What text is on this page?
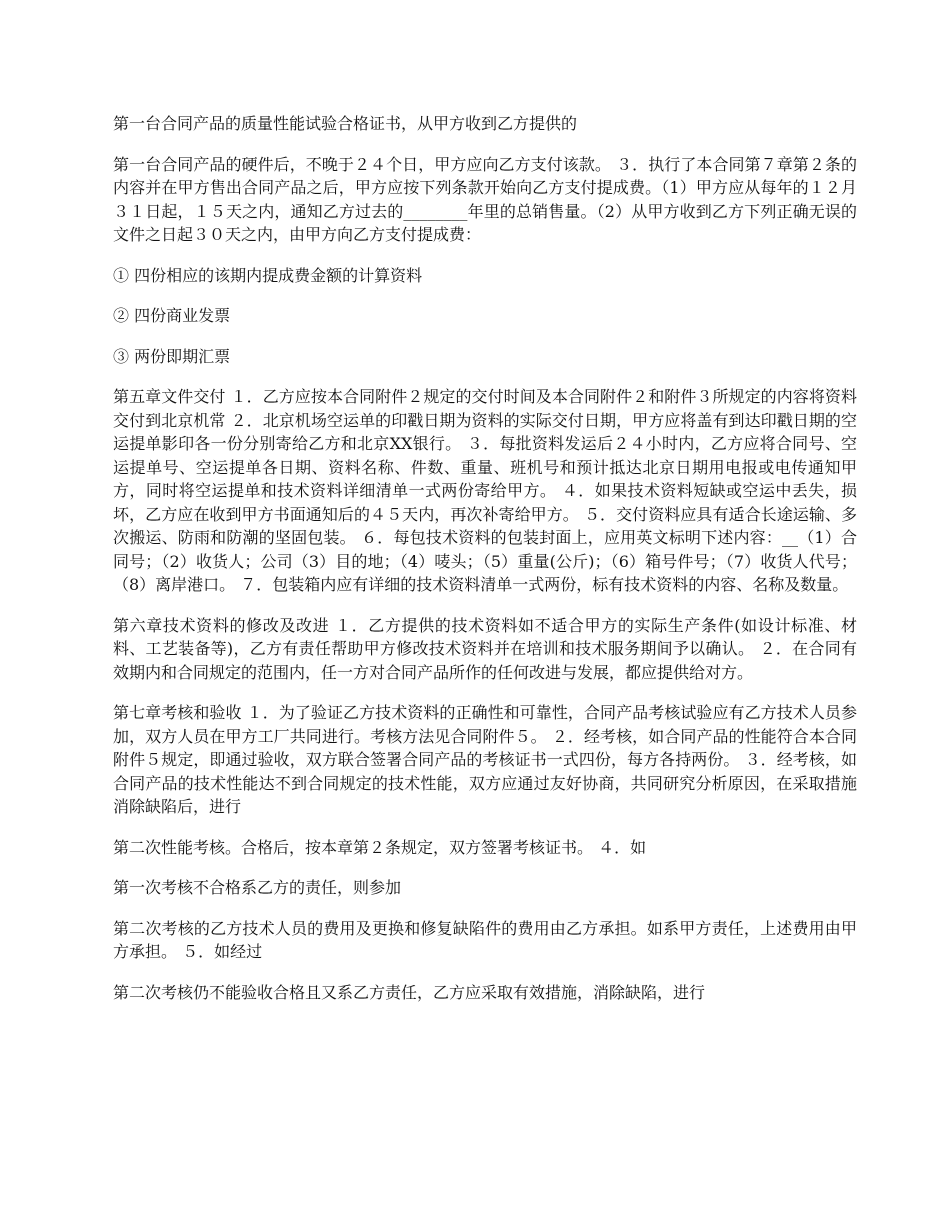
第一台合同产品的质量性能试验合格证书，从甲方收到乙方提供的

第一台合同产品的硬件后，不晚于２４个日，甲方应向乙方支付该款。 ３．执行了本合同第７章第２条的内容并在甲方售出合同产品之后，甲方应按下列条款开始向乙方支付提成费。（1）甲方应从每年的１２月３１日起，１５天之内，通知乙方过去的________年里的总销售量。（2）从甲方收到乙方下列正确无误的文件之日起３０天之内，由甲方向乙方支付提成费：

① 四份相应的该期内提成费金额的计算资料

② 四份商业发票

③ 两份即期汇票

第五章文件交付 １．乙方应按本合同附件２规定的交付时间及本合同附件２和附件３所规定的内容将资料交付到北京机常 ２．北京机场空运单的印戳日期为资料的实际交付日期，甲方应将盖有到达印戳日期的空运提单影印各一份分别寄给乙方和北京XX银行。 ３．每批资料发运后２４小时内，乙方应将合同号、空运提单号、空运提单各日期、资料名称、件数、重量、班机号和预计抵达北京日期用电报或电传通知甲方，同时将空运提单和技术资料详细清单一式两份寄给甲方。 ４．如果技术资料短缺或空运中丢失，损坏，乙方应在收到甲方书面通知后的４５天内，再次补寄给甲方。 ５．交付资料应具有适合长途运输、多次搬运、防雨和防潮的坚固包装。 ６．每包技术资料的包装封面上，应用英文标明下述内容：__（1）合同号；（2）收货人；公司（3）目的地；（4）唛头；（5）重量(公斤)；（6）箱号件号；（7）收货人代号；（8）离岸港口。 ７．包装箱内应有详细的技术资料清单一式两份，标有技术资料的内容、名称及数量。

第六章技术资料的修改及改进 １．乙方提供的技术资料如不适合甲方的实际生产条件(如设计标准、材料、工艺装备等)，乙方有责任帮助甲方修改技术资料并在培训和技术服务期间予以确认。 ２．在合同有效期内和合同规定的范围内，任一方对合同产品所作的任何改进与发展，都应提供给对方。

第七章考核和验收 １．为了验证乙方技术资料的正确性和可靠性，合同产品考核试验应有乙方技术人员参加，双方人员在甲方工厂共同进行。考核方法见合同附件５。 ２．经考核，如合同产品的性能符合本合同附件５规定，即通过验收，双方联合签署合同产品的考核证书一式四份，每方各持两份。 ３．经考核，如合同产品的技术性能达不到合同规定的技术性能，双方应通过友好协商，共同研究分析原因，在采取措施消除缺陷后，进行

第二次性能考核。合格后，按本章第２条规定，双方签署考核证书。 ４．如

第一次考核不合格系乙方的责任，则参加

第二次考核的乙方技术人员的费用及更换和修复缺陷件的费用由乙方承担。如系甲方责任，上述费用由甲方承担。 ５．如经过

第二次考核仍不能验收合格且又系乙方责任，乙方应采取有效措施，消除缺陷，进行
